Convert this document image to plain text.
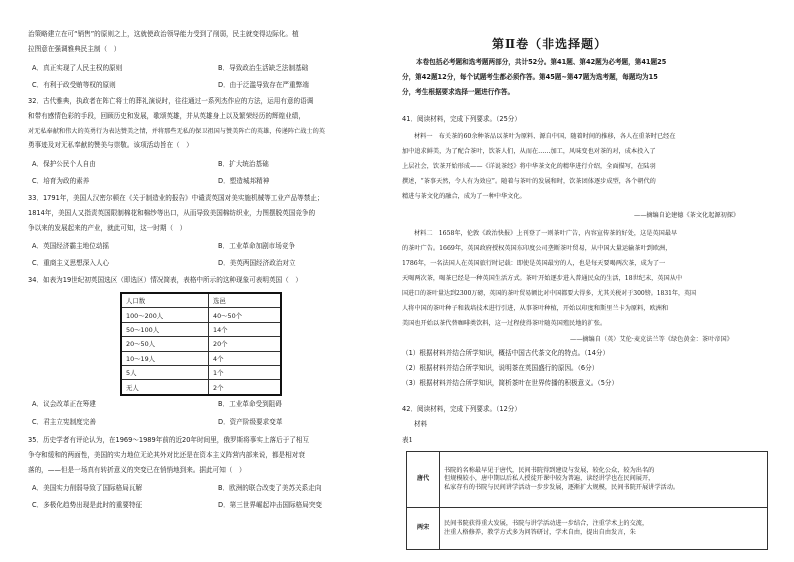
治策略建立在可“销售”的原则之上，这就使政治领导能力受到了削弱，民主就变得边际化。植
拉图意在强调雅典民主制（　）
A．真正实现了人民主权的原则	B．导致政治生活缺乏法制基础
C．有利于政受贿等权的原则	D．由于泛滥导致存在严重弊端
32．古代雅典，执政者在阵亡将士的葬礼演说时，往往通过一系列杰作应的方法，运用有意的语调
和带有感情色彩的手段，回顾历史和发展，歌颂英雄，并从英雄身上以及繁荣经历的辉煌业绩，
对无私奉献和伟大的英勇行为表达赞美之情，并将那些无私的保卫祖国与赞美阵亡的英雄，传递阵亡战士的英
勇事迹及对无私奉献的赞美与崇敬。该项活动旨在（　）
A．保护公民个人自由	B．扩大统治基础
C．培育为政的素养	D．塑造城邦精神
33．1791年，美国人汉密尔顿在《关于制造业的报告》中谴责英国对美实施机械等工业产品等禁止；
1814年，美国人又指责英国限制棉花和棉纱等出口，从而导致美国棉纺织业，力图摆脱英国竞争的
争以来的发展起来的产业，就此可知，这一时期（　）
A．英国经济霸主地位动摇	B．工业革命加剧市场竞争
C．重商主义思想深入人心	D．美英两国经济政治对立
34．如表为19世纪初英国选区（即选区）情况简表，表格中所示的这种现象可表明英国（　）
人口数	选邑
100～200人	40～50个
50～100人	14个
20～50人	20个
10～19人	4个
5人	1个
无人	2个
A．议会改革正在筹建	B．工业革命受到阻碍
C．君主立宪制度完善	D．资产阶级要求变革
35．历史学者有评论认为，在1969～1989年前的近20年时间里，俄罗斯将事实上落后于了相互
争夺和缓和的两面性，美国的实力地位无论其外对比还是在资本主义阵营内部来说，都是相对衰
落的，——但是一场真有转折意义的突变已在悄悄地到来。据此可知（　）
A．美国实力削弱导致了国际格局瓦解	B．欧洲的联合改变了美苏关系走向
C．多极化趋势出现是此时的重要特征	D．第三世界崛起冲击国际格局突变
第Ⅱ卷（非选择题）
本卷包括必考题和选考题两部分，共计52分。第41题、第42题为必考题，第41题25
分，第42题12分，每个试题考生都必须作答。第45题~第47题为选考题，每题均为15
分，考生根据要求选择一题进行作答。
41．阅读材料，完成下列要求。（25分）
材料一　布关茶的60余种茶品以茶叶为原料、源自中国，随着时间的推移，各人在重茶时已经在
加中追求鲜美，为了配合茶叶，饮茶人们，从而在……加工，风味变也对茶的对，成本投入了
上层社会，饮茶开始形成——《详说茶经》将中华茶文化的精华进行介绍，全面描写，在陆羽
撰述，“茶事天然，令人有为效应”。随着与茶叶的发展和时，饮茶团体逐步成型，各个朝代的
精进与茶文化的融合，成为了一种中华文化。
——摘编自论建德《茶文化起源初探》
材料二　1658年，伦敦《政治快报》上刊登了一则茶叶广告，内容宣传茶的好处，这是英国最早
的茶叶广告。1669年，英国政府授权英国东印度公司垄断茶叶贸易，从中国大量运输茶叶到欧洲，
1786年，一名法国人在英国旅行时记载：即使是英国最穷的人，也是每天要喝两次茶，成为了一
天喝两次茶，喝茶已经是一种英国生活方式。茶叶开始逐步进入普通民众的生活，18世纪末，英国从中
国进口的茶叶量达到2300万磅，英国的茶叶贸易额比对中国都要大得多，尤其关税对于300镑。1831年，英国
人将中国的茶叶种子和栽培技术进行引进，从事茶叶种植，开始以印度和斯里兰卡为原料，欧洲和
美国也开始以茶代替咖啡类饮料，这一过程使得茶叶随英国殖民地的扩张。
——摘编自（英）艾伦·麦克法兰等《绿色黄金：茶叶帝国》
（1）根据材料并结合所学知识，概括中国古代茶文化的特点。（14分）
（2）根据材料并结合所学知识，说明茶在英国盛行的原因。（6分）
（3）根据材料并结合所学知识，简析茶叶在世界传播的积极意义。（5分）
42．阅读材料，完成下列要求。（12分）
材料
表1
唐代	书院的名称最早见于唐代，民间书院得到建设与发展，较化公众，较为出名的
但规模较小，唐中期以后私人授徒开课中较为普遍，读经讲学也在民间展开，
私家存有的书院与民间讲学活动一步步发展，逐渐扩大规模，民间书院开展讲学活动。

两宋	民间书院获得重大发展，书院与讲学活动进一步结合，注重学术上的交流，
注重人格修养，教学方式多为问答研讨，学术自由，提出自由发言，朱
